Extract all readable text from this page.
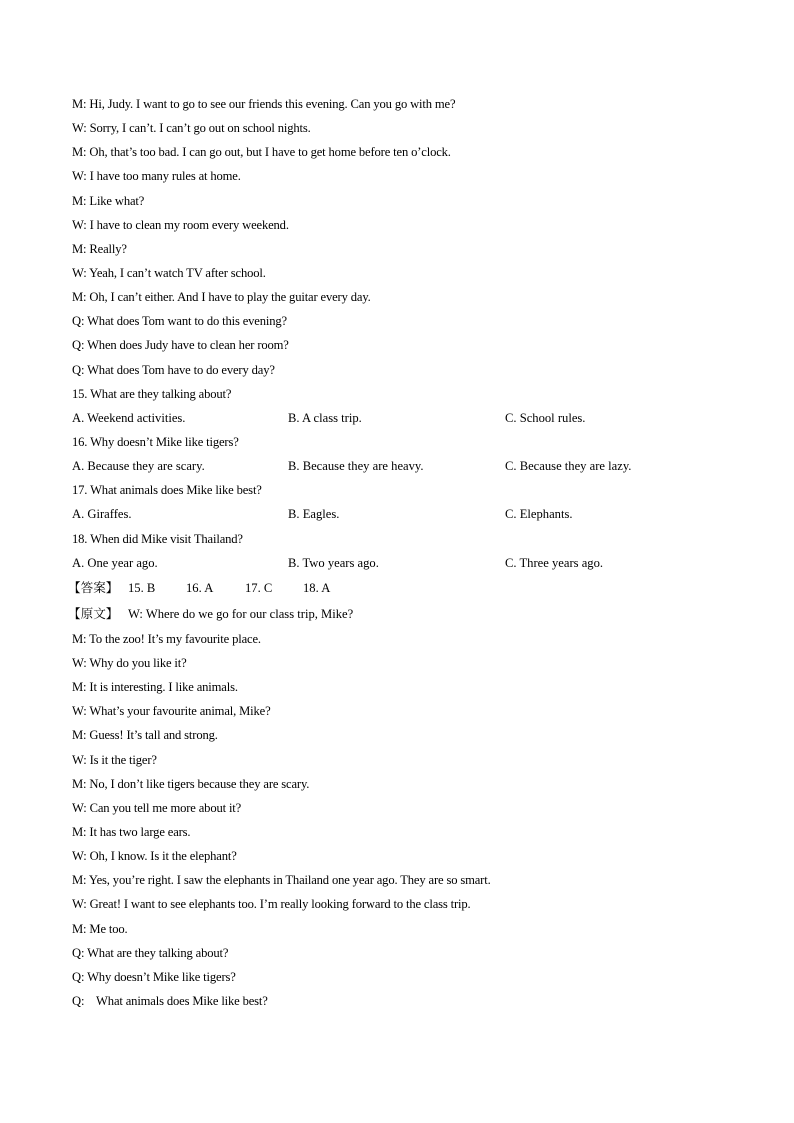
M: Hi, Judy. I want to go to see our friends this evening. Can you go with me?
W: Sorry, I can’t. I can’t go out on school nights.
M: Oh, that’s too bad. I can go out, but I have to get home before ten o’clock.
W: I have too many rules at home.
M: Like what?
W: I have to clean my room every weekend.
M: Really?
W: Yeah, I can’t watch TV after school.
M: Oh, I can’t either. And I have to play the guitar every day.
Q: What does Tom want to do this evening?
Q: When does Judy have to clean her room?
Q: What does Tom have to do every day?
15. What are they talking about?
A. Weekend activities.	B. A class trip.	C. School rules.
16. Why doesn’t Mike like tigers?
A. Because they are scary.	B. Because they are heavy.	C. Because they are lazy.
17. What animals does Mike like best?
A. Giraffes.	B. Eagles.	C. Elephants.
18. When did Mike visit Thailand?
A. One year ago.	B. Two years ago.	C. Three years ago.
【答案】 15. B 16. A	17. C 18. A
【原文】 W: Where do we go for our class trip, Mike?
M: To the zoo! It’s my favourite place.
W: Why do you like it?
M: It is interesting. I like animals.
W: What’s your favourite animal, Mike?
M: Guess! It’s tall and strong.
W: Is it the tiger?
M: No, I don’t like tigers because they are scary.
W: Can you tell me more about it?
M: It has two large ears.
W: Oh, I know. Is it the elephant?
M: Yes, you’re right. I saw the elephants in Thailand one year ago. They are so smart.
W: Great! I want to see elephants too. I’m really looking forward to the class trip.
M: Me too.
Q: What are they talking about?
Q: Why doesn’t Mike like tigers?
Q:    What animals does Mike like best?
